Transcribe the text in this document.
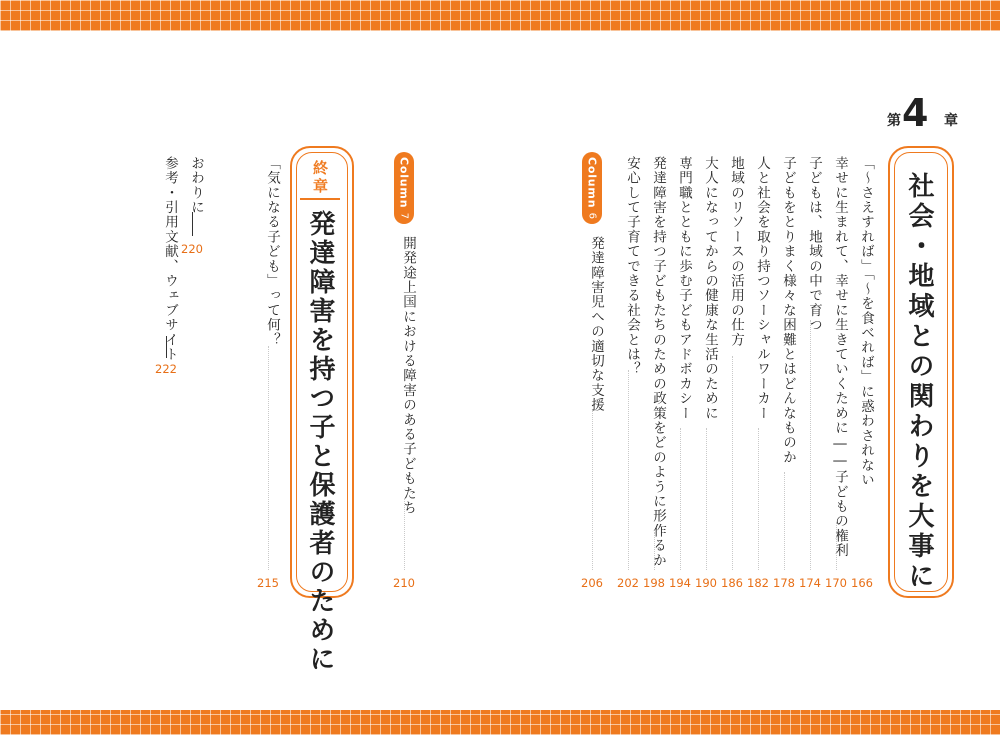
第 4 章
社会・地域との関わりを大事に
「〜さえすれば」「〜を食べれば」に惑わされない
166
幸せに生まれて、幸せに生きていくために――子どもの権利
170
子どもは、地域の中で育つ
174
子どもをとりまく様々な困難とはどんなものか
178
人と社会を取り持つソーシャルワーカー
182
地域のリソースの活用の仕方
186
大人になってからの健康な生活のために
190
専門職とともに歩む子どもアドボカシー
194
発達障害を持つ子どもたちのための政策をどのように形作るか
198
安心して子育てできる社会とは？
202
Column 6
発達障害児への適切な支援
206
Column 7
開発途上国における障害のある子どもたち
210
終章
発達障害を持つ子と保護者のために
「気になる子ども」って何？
215
おわりに
220
参考・引用文献、ウェブサイト
222
